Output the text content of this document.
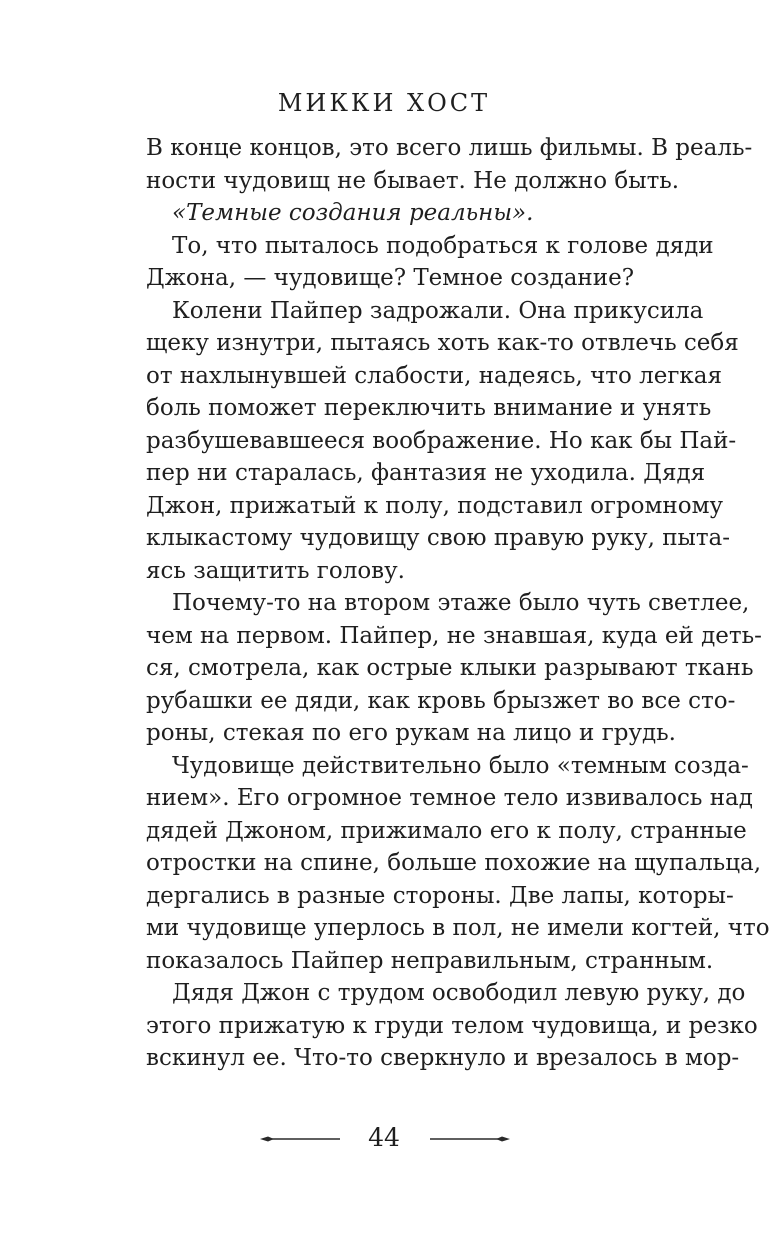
МИККИ ХОСТ
В конце концов, это всего лишь фильмы. В реаль-
ности чудовищ не бывает. Не должно быть.
«Темные создания реальны».
То, что пыталось подобраться к голове дяди
Джона, — чудовище? Темное создание?
Колени Пайпер задрожали. Она прикусила
щеку изнутри, пытаясь хоть как-то отвлечь себя
от нахлынувшей слабости, надеясь, что легкая
боль поможет переключить внимание и унять
разбушевавшееся воображение. Но как бы Пай-
пер ни старалась, фантазия не уходила. Дядя
Джон, прижатый к полу, подставил огромному
клыкастому чудовищу свою правую руку, пыта-
ясь защитить голову.
Почему-то на втором этаже было чуть светлее,
чем на первом. Пайпер, не знавшая, куда ей деть-
ся, смотрела, как острые клыки разрывают ткань
рубашки ее дяди, как кровь брызжет во все сто-
роны, стекая по его рукам на лицо и грудь.
Чудовище действительно было «темным созда-
нием». Его огромное темное тело извивалось над
дядей Джоном, прижимало его к полу, странные
отростки на спине, больше похожие на щупальца,
дергались в разные стороны. Две лапы, которы-
ми чудовище уперлось в пол, не имели когтей, что
показалось Пайпер неправильным, странным.
Дядя Джон с трудом освободил левую руку, до
этого прижатую к груди телом чудовища, и резко
вскинул ее. Что-то сверкнуло и врезалось в мор-
44
